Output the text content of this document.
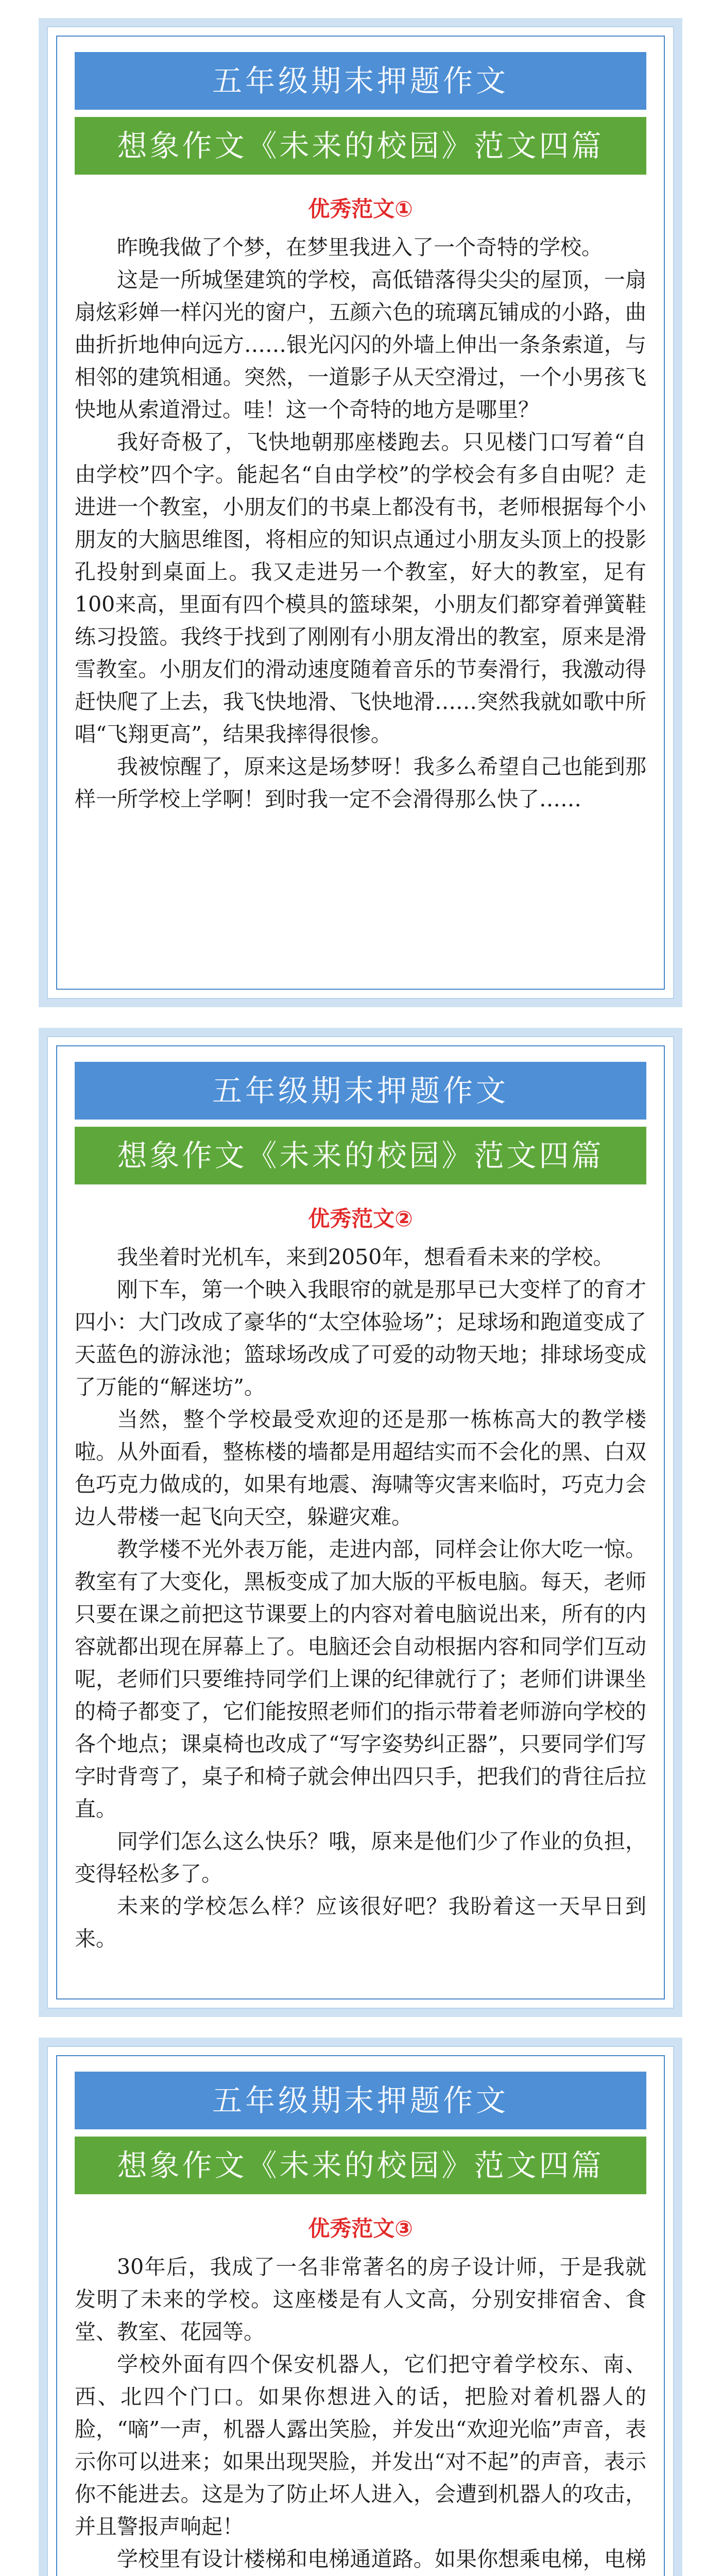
五年级期末押题作文
想象作文《未来的校园》范文四篇
优秀范文①

昨晚我做了个梦，在梦里我进入了一个奇特的学校。

这是一所城堡建筑的学校，高低错落得尖尖的屋顶，一扇扇炫彩婵一样闪光的窗户，五颜六色的琉璃瓦铺成的小路，曲曲折折地伸向远方……银光闪闪的外墙上伸出一条条索道，与相邻的建筑相通。突然，一道影子从天空滑过，一个小男孩飞快地从索道滑过。哇！这一个奇特的地方是哪里？

我好奇极了，飞快地朝那座楼跑去。只见楼门口写着“自由学校”四个字。能起名“自由学校”的学校会有多自由呢？走进进一个教室，小朋友们的书桌上都没有书，老师根据每个小朋友的大脑思维图，将相应的知识点通过小朋友头顶上的投影孔投射到桌面上。我又走进另一个教室，好大的教室，足有100来高，里面有四个模具的篮球架，小朋友们都穿着弹簧鞋练习投篮。我终于找到了刚刚有小朋友滑出的教室，原来是滑雪教室。小朋友们的滑动速度随着音乐的节奏滑行，我激动得赶快爬了上去，我飞快地滑、飞快地滑……突然我就如歌中所唱“飞翔更高”，结果我摔得很惨。

我被惊醒了，原来这是场梦呀！我多么希望自己也能到那样一所学校上学啊！到时我一定不会滑得那么快了……

五年级期末押题作文
想象作文《未来的校园》范文四篇
优秀范文②

我坐着时光机车，来到2050年，想看看未来的学校。

刚下车，第一个映入我眼帘的就是那早已大变样了的育才四小：大门改成了豪华的“太空体验场”；足球场和跑道变成了天蓝色的游泳池；篮球场改成了可爱的动物天地；排球场变成了万能的“解迷坊”。

当然，整个学校最受欢迎的还是那一栋栋高大的教学楼啦。从外面看，整栋楼的墙都是用超结实而不会化的黑、白双色巧克力做成的，如果有地震、海啸等灾害来临时，巧克力会边人带楼一起飞向天空，躲避灾难。

教学楼不光外表万能，走进内部，同样会让你大吃一惊。教室有了大变化，黑板变成了加大版的平板电脑。每天，老师只要在课之前把这节课要上的内容对着电脑说出来，所有的内容就都出现在屏幕上了。电脑还会自动根据内容和同学们互动呢，老师们只要维持同学们上课的纪律就行了；老师们讲课坐的椅子都变了，它们能按照老师们的指示带着老师游向学校的各个地点；课桌椅也改成了“写字姿势纠正器”，只要同学们写字时背弯了，桌子和椅子就会伸出四只手，把我们的背往后拉直。

同学们怎么这么快乐？哦，原来是他们少了作业的负担，变得轻松多了。

未来的学校怎么样？应该很好吧？我盼着这一天早日到来。

五年级期末押题作文
想象作文《未来的校园》范文四篇
优秀范文③

30年后，我成了一名非常著名的房子设计师，于是我就发明了未来的学校。这座楼是有人文高，分别安排宿舍、食堂、教室、花园等。

学校外面有四个保安机器人，它们把守着学校东、南、西、北四个门口。如果你想进入的话，把脸对着机器人的脸，“嘀”一声，机器人露出笑脸，并发出“欢迎光临”声音，表示你可以进来；如果出现哭脸，并发出“对不起”的声音，表示你不能进去。这是为了防止坏人进入，会遭到机器人的攻击，并且警报声响起！

学校里有设计楼梯和电梯通道路。如果你想乘电梯，电梯
